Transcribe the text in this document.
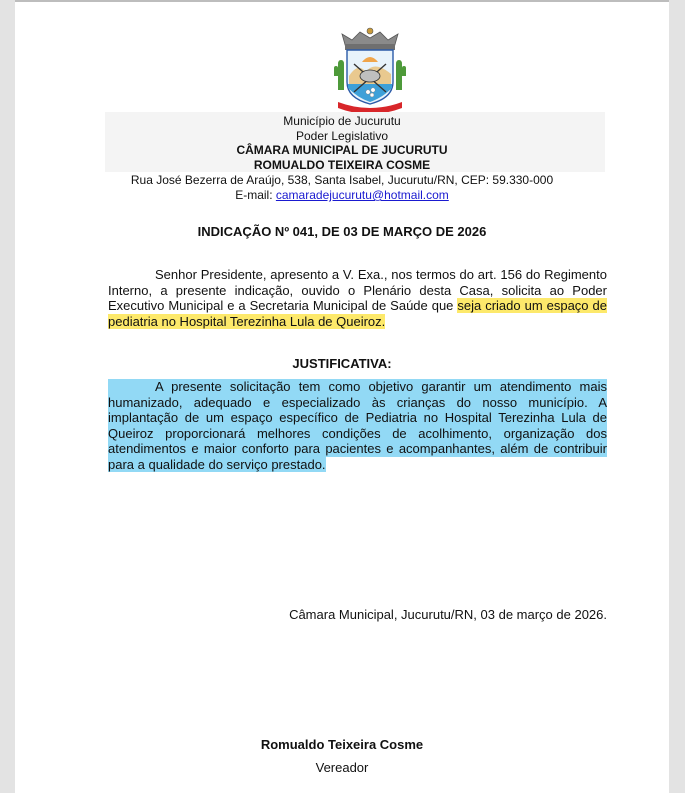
Município de Jucurutu
Poder Legislativo
CÂMARA MUNICIPAL DE JUCURUTU
ROMUALDO TEIXEIRA COSME
Rua José Bezerra de Araújo, 538, Santa Isabel, Jucurutu/RN, CEP: 59.330-000
E-mail: camaradejucurutu@hotmail.com
INDICAÇÃO Nº 041, DE 03 DE MARÇO DE 2026
Senhor Presidente, apresento a V. Exa., nos termos do art. 156 do Regimento
Interno, a presente indicação, ouvido o Plenário desta Casa, solicita ao Poder
Executivo Municipal e a Secretaria Municipal de Saúde que seja criado um espaço de
pediatria no Hospital Terezinha Lula de Queiroz.
JUSTIFICATIVA:
A presente solicitação tem como objetivo garantir um atendimento mais
humanizado, adequado e especializado às crianças do nosso município. A
implantação de um espaço específico de Pediatria no Hospital Terezinha Lula de
Queiroz proporcionará melhores condições de acolhimento, organização dos
atendimentos e maior conforto para pacientes e acompanhantes, além de contribuir
para a qualidade do serviço prestado.
Câmara Municipal, Jucurutu/RN, 03 de março de 2026.
Romualdo Teixeira Cosme
Vereador
